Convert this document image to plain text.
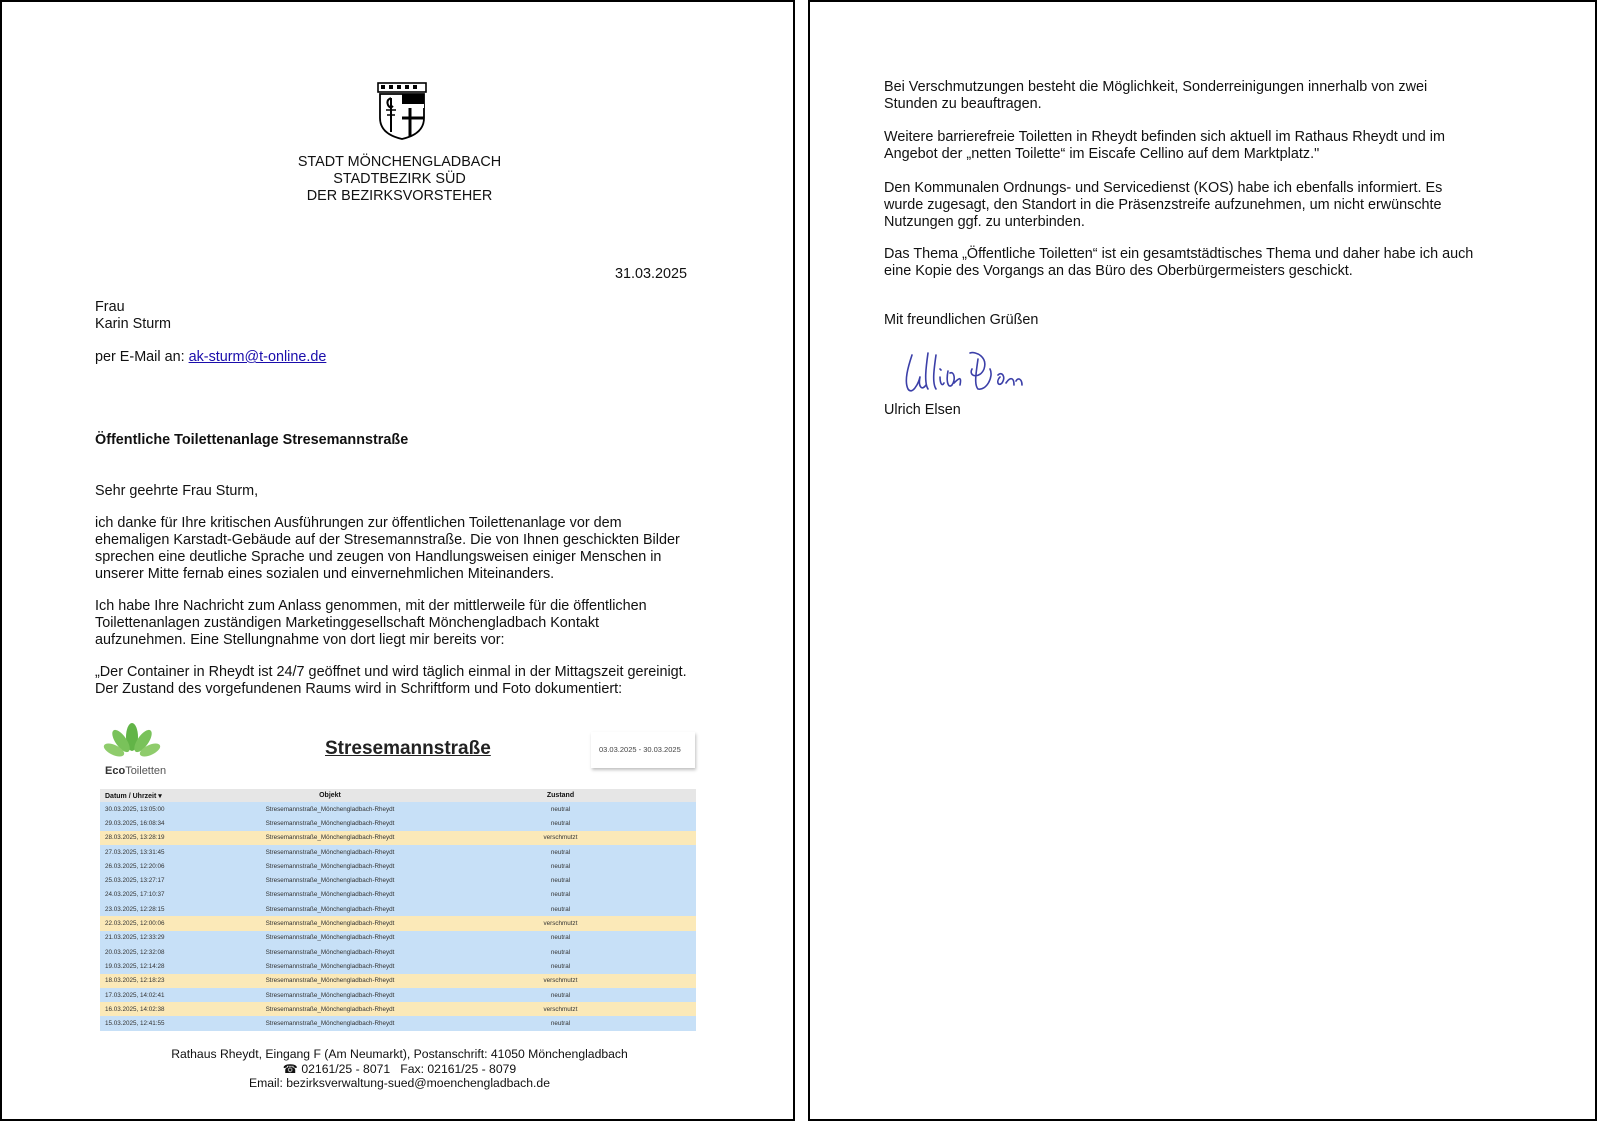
STADT MÖNCHENGLADBACH
STADTBEZIRK SÜD
DER BEZIRKSVORSTEHER
31.03.2025
Frau
Karin Sturm
per E-Mail an: ak-sturm@t-online.de
Öffentliche Toilettenanlage Stresemannstraße
Sehr geehrte Frau Sturm,
ich danke für Ihre kritischen Ausführungen zur öffentlichen Toilettenanlage vor dem
ehemaligen Karstadt-Gebäude auf der Stresemannstraße. Die von Ihnen geschickten Bilder
sprechen eine deutliche Sprache und zeugen von Handlungsweisen einiger Menschen in
unserer Mitte fernab eines sozialen und einvernehmlichen Miteinanders.
Ich habe Ihre Nachricht zum Anlass genommen, mit der mittlerweile für die öffentlichen
Toilettenanlagen zuständigen Marketinggesellschaft Mönchengladbach Kontakt
aufzunehmen. Eine Stellungnahme von dort liegt mir bereits vor:
„Der Container in Rheydt ist 24/7 geöffnet und wird täglich einmal in der Mittagszeit gereinigt.
Der Zustand des vorgefundenen Raums wird in Schriftform und Foto dokumentiert:
EcoToiletten
Stresemannstraße	03.03.2025 - 30.03.2025
Datum / Uhrzeit ▾	Objekt	Zustand
30.03.2025, 13:05:00	Stresemannstraße_Mönchengladbach-Rheydt	neutral
29.03.2025, 16:08:34	Stresemannstraße_Mönchengladbach-Rheydt	neutral
28.03.2025, 13:28:19	Stresemannstraße_Mönchengladbach-Rheydt	verschmutzt
27.03.2025, 13:31:45	Stresemannstraße_Mönchengladbach-Rheydt	neutral
26.03.2025, 12:20:06	Stresemannstraße_Mönchengladbach-Rheydt	neutral
25.03.2025, 13:27:17	Stresemannstraße_Mönchengladbach-Rheydt	neutral
24.03.2025, 17:10:37	Stresemannstraße_Mönchengladbach-Rheydt	neutral
23.03.2025, 12:28:15	Stresemannstraße_Mönchengladbach-Rheydt	neutral
22.03.2025, 12:00:06	Stresemannstraße_Mönchengladbach-Rheydt	verschmutzt
21.03.2025, 12:33:29	Stresemannstraße_Mönchengladbach-Rheydt	neutral
20.03.2025, 12:32:08	Stresemannstraße_Mönchengladbach-Rheydt	neutral
19.03.2025, 12:14:28	Stresemannstraße_Mönchengladbach-Rheydt	neutral
18.03.2025, 12:18:23	Stresemannstraße_Mönchengladbach-Rheydt	verschmutzt
17.03.2025, 14:02:41	Stresemannstraße_Mönchengladbach-Rheydt	neutral
16.03.2025, 14:02:38	Stresemannstraße_Mönchengladbach-Rheydt	verschmutzt
15.03.2025, 12:41:55	Stresemannstraße_Mönchengladbach-Rheydt	neutral
Rathaus Rheydt, Eingang F (Am Neumarkt), Postanschrift: 41050 Mönchengladbach
☎ 02161/25 - 8071   Fax: 02161/25 - 8079
Email: bezirksverwaltung-sued@moenchengladbach.de
Bei Verschmutzungen besteht die Möglichkeit, Sonderreinigungen innerhalb von zwei
Stunden zu beauftragen.
Weitere barrierefreie Toiletten in Rheydt befinden sich aktuell im Rathaus Rheydt und im
Angebot der „netten Toilette“ im Eiscafe Cellino auf dem Marktplatz."
Den Kommunalen Ordnungs- und Servicedienst (KOS) habe ich ebenfalls informiert. Es
wurde zugesagt, den Standort in die Präsenzstreife aufzunehmen, um nicht erwünschte
Nutzungen ggf. zu unterbinden.
Das Thema „Öffentliche Toiletten“ ist ein gesamtstädtisches Thema und daher habe ich auch
eine Kopie des Vorgangs an das Büro des Oberbürgermeisters geschickt.
Mit freundlichen Grüßen
Ulrich Elsen
